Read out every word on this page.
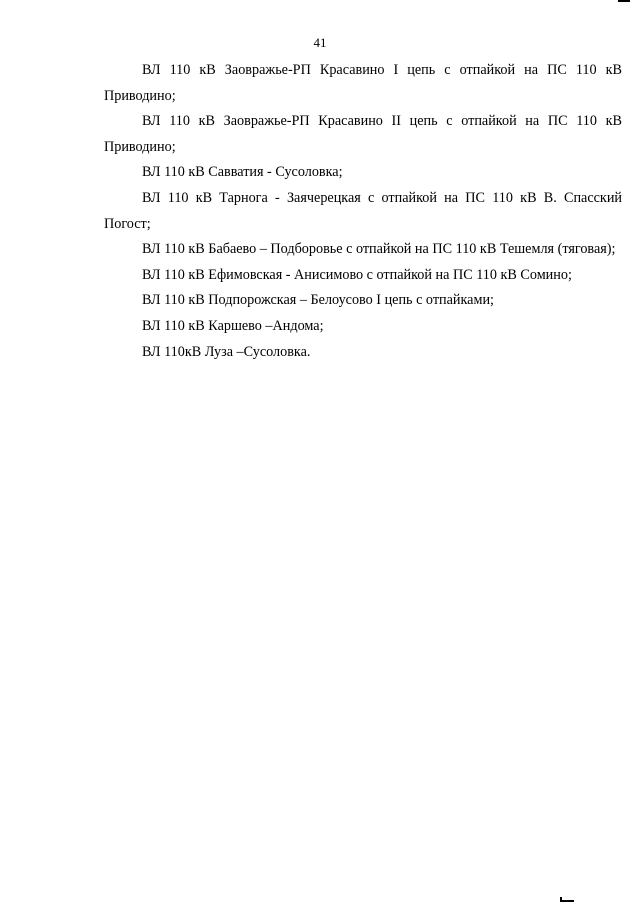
41

ВЛ 110 кВ Заовражье-РП Красавино I цепь с отпайкой на ПС 110 кВ Приводино;

ВЛ 110 кВ Заовражье-РП Красавино II цепь с отпайкой на ПС 110 кВ Приводино;

ВЛ 110 кВ Савватия - Сусоловка;

ВЛ 110 кВ Тарнога - Заячерецкая с отпайкой на ПС 110 кВ В. Спасский Погост;

ВЛ 110 кВ Бабаево – Подборовье с отпайкой на ПС 110 кВ Тешемля (тяговая);

ВЛ 110 кВ Ефимовская - Анисимово с отпайкой на ПС 110 кВ Сомино;

ВЛ 110 кВ Подпорожская – Белоусово I цепь с отпайками;

ВЛ 110 кВ Каршево –Андома;

ВЛ 110кВ Луза –Сусоловка.
